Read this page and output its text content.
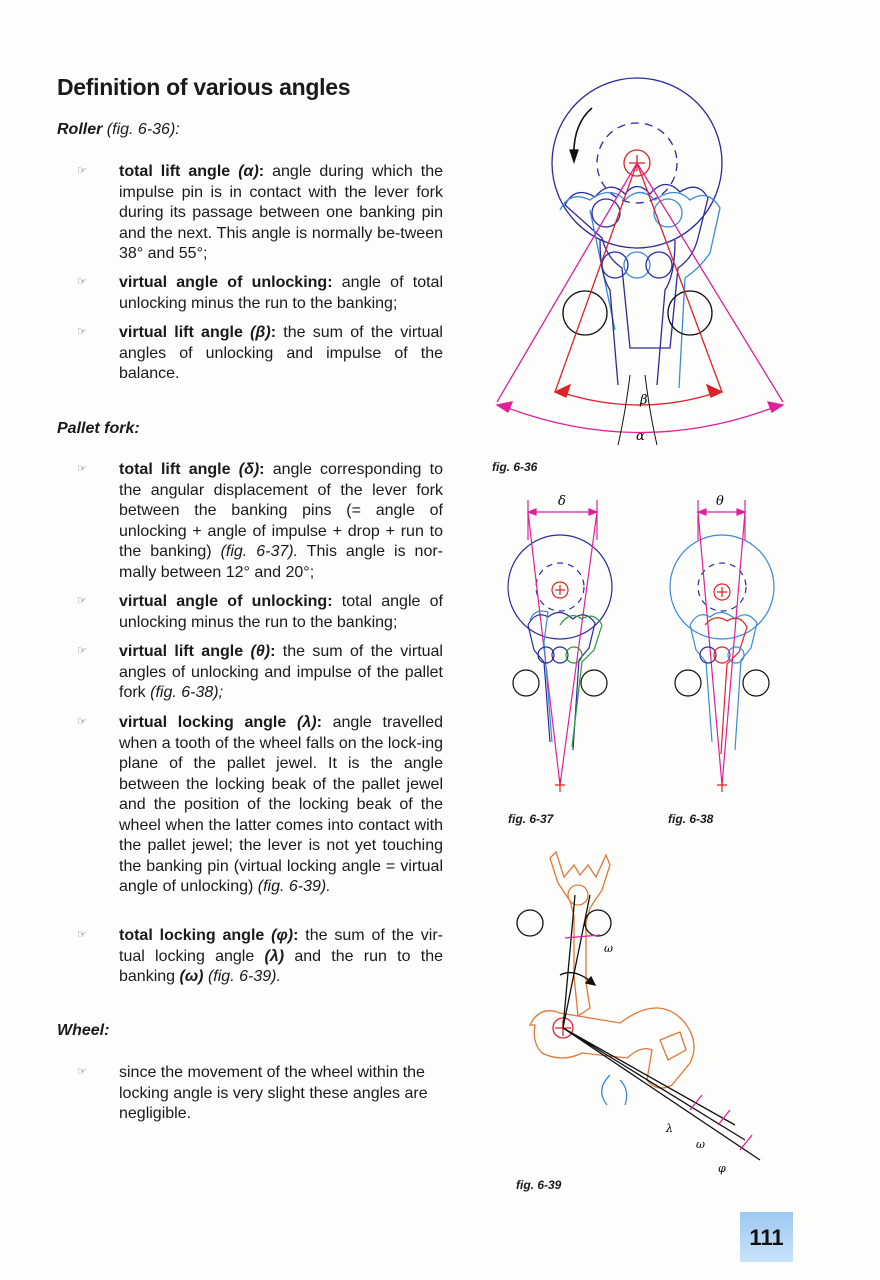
Definition of various angles
Roller (fig. 6-36):
☞	total lift angle (α): angle during which the impulse pin is in contact with the lever fork during its passage between one banking pin and the next. This angle is normally be-tween 38° and 55°;
☞	virtual angle of unlocking: angle of total unlocking minus the run to the banking;
☞	virtual lift angle (β): the sum of the virtual angles of unlocking and impulse of the balance.
Pallet fork:
☞	total lift angle (δ): angle corresponding to the angular displacement of the lever fork between the banking pins (= angle of unlocking + angle of impulse + drop + run to the banking) (fig. 6-37). This angle is nor-mally between 12° and 20°;
☞	virtual angle of unlocking: total angle of unlocking minus the run to the banking;
☞	virtual lift angle (θ): the sum of the virtual angles of unlocking and impulse of the pallet fork (fig. 6-38);
☞	virtual locking angle (λ): angle travelled when a tooth of the wheel falls on the lock-ing plane of the pallet jewel. It is the angle between the locking beak of the pallet jewel and the position of the locking beak of the wheel when the latter comes into contact with the pallet jewel; the lever is not yet touching the banking pin (virtual locking angle = virtual angle of unlocking) (fig. 6-39).
☞	total locking angle (φ): the sum of the vir-tual locking angle (λ) and the run to the banking (ω) (fig. 6-39).
Wheel:
☞	since the movement of the wheel within the locking angle is very slight these angles are negligible.
β
α
fig. 6-36
δ
fig. 6-37
θ
fig. 6-38
ω
λ
ω
φ
fig. 6-39
111
